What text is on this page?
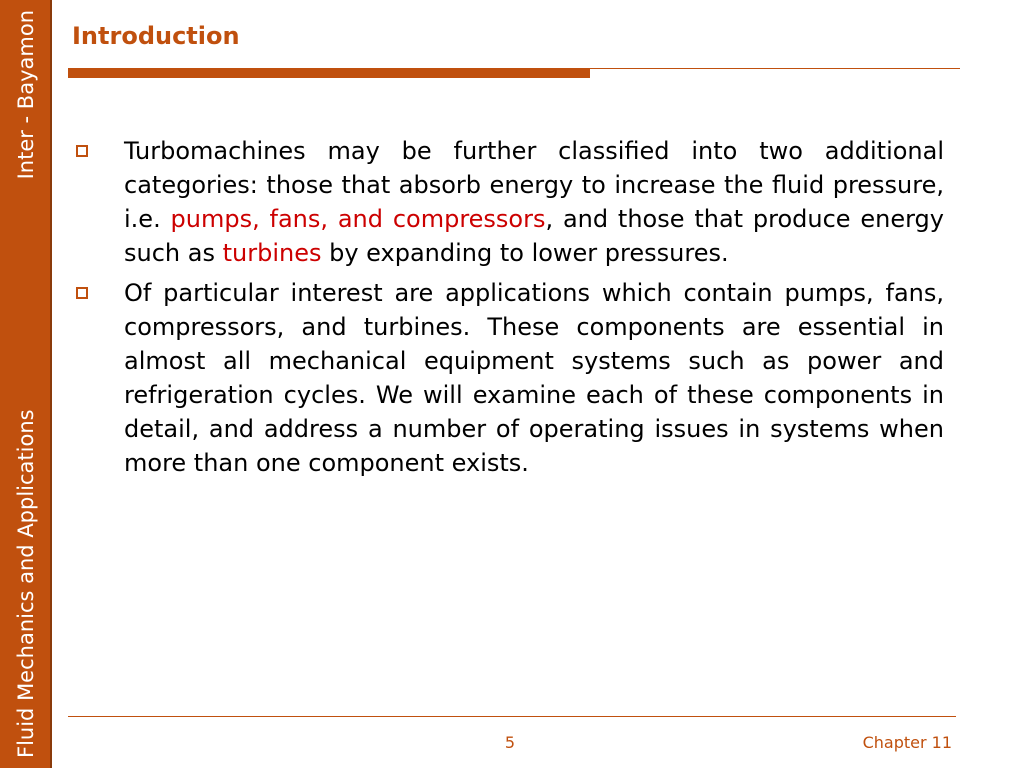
Fluid Mechanics and Applications
Inter - Bayamon	Introduction
Turbomachines may be further classified into two additional categories: those that absorb energy to increase the fluid pressure, i.e. pumps, fans, and compressors, and those that produce energy such as turbines by expanding to lower pressures.
Of particular interest are applications which contain pumps, fans, compressors, and turbines. These components are essential in almost all mechanical equipment systems such as power and refrigeration cycles. We will examine each of these components in detail, and address a number of operating issues in systems when more than one component exists.
5	Chapter 11
